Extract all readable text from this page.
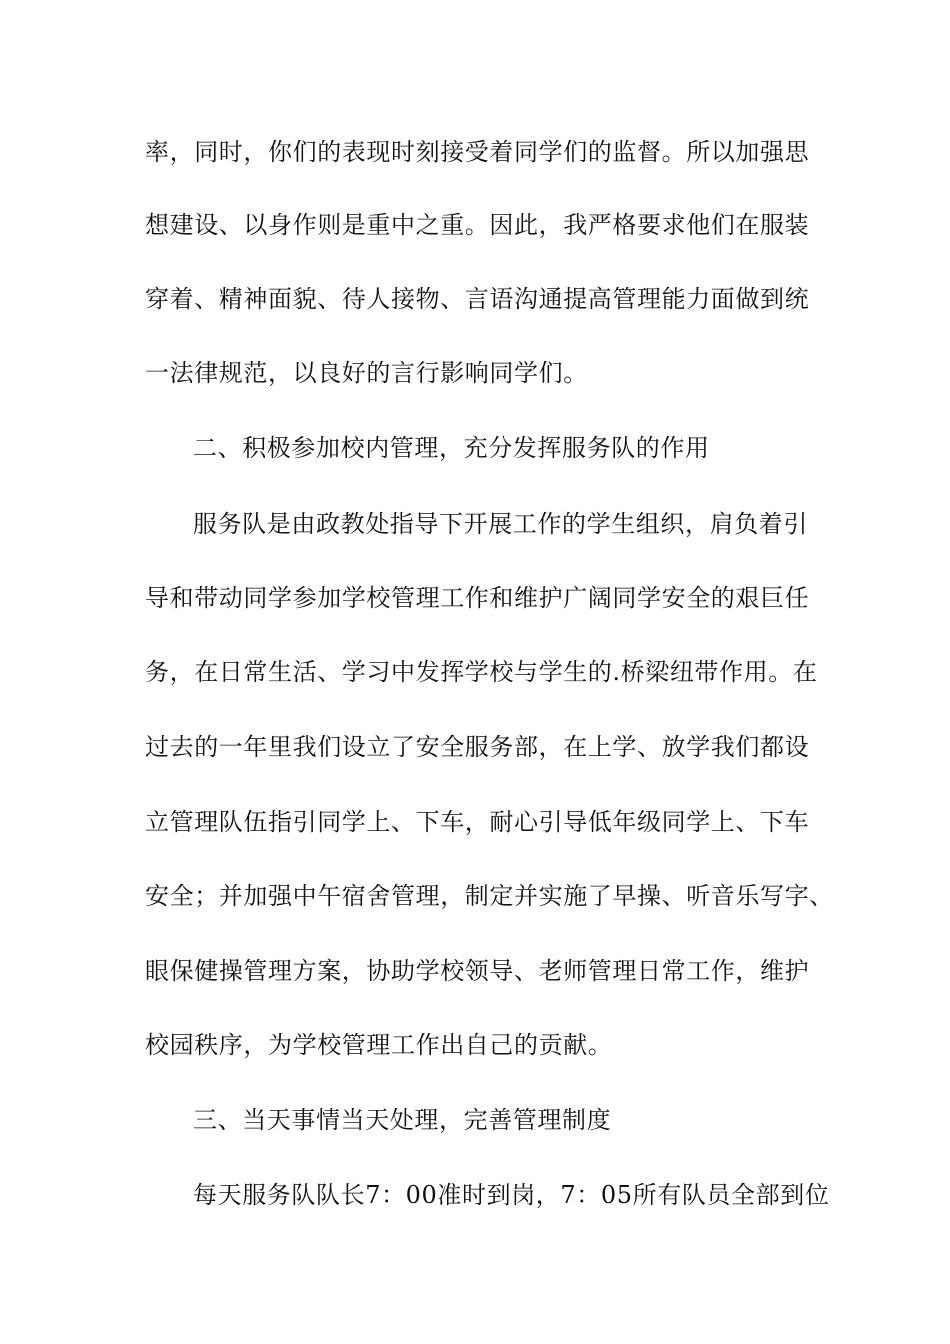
率，同时，你们的表现时刻接受着同学们的监督。所以加强思
想建设、以身作则是重中之重。因此，我严格要求他们在服装
穿着、精神面貌、待人接物、言语沟通提高管理能力面做到统
一法律规范，以良好的言行影响同学们。
二、积极参加校内管理，充分发挥服务队的作用
服务队是由政教处指导下开展工作的学生组织，肩负着引
导和带动同学参加学校管理工作和维护广阔同学安全的艰巨任
务，在日常生活、学习中发挥学校与学生的.桥梁纽带作用。在
过去的一年里我们设立了安全服务部，在上学、放学我们都设
立管理队伍指引同学上、下车，耐心引导低年级同学上、下车
安全；并加强中午宿舍管理，制定并实施了早操、听音乐写字、
眼保健操管理方案，协助学校领导、老师管理日常工作，维护
校园秩序，为学校管理工作出自己的贡献。
三、当天事情当天处理，完善管理制度
每天服务队队长7：00准时到岗，7：05所有队员全部到位
